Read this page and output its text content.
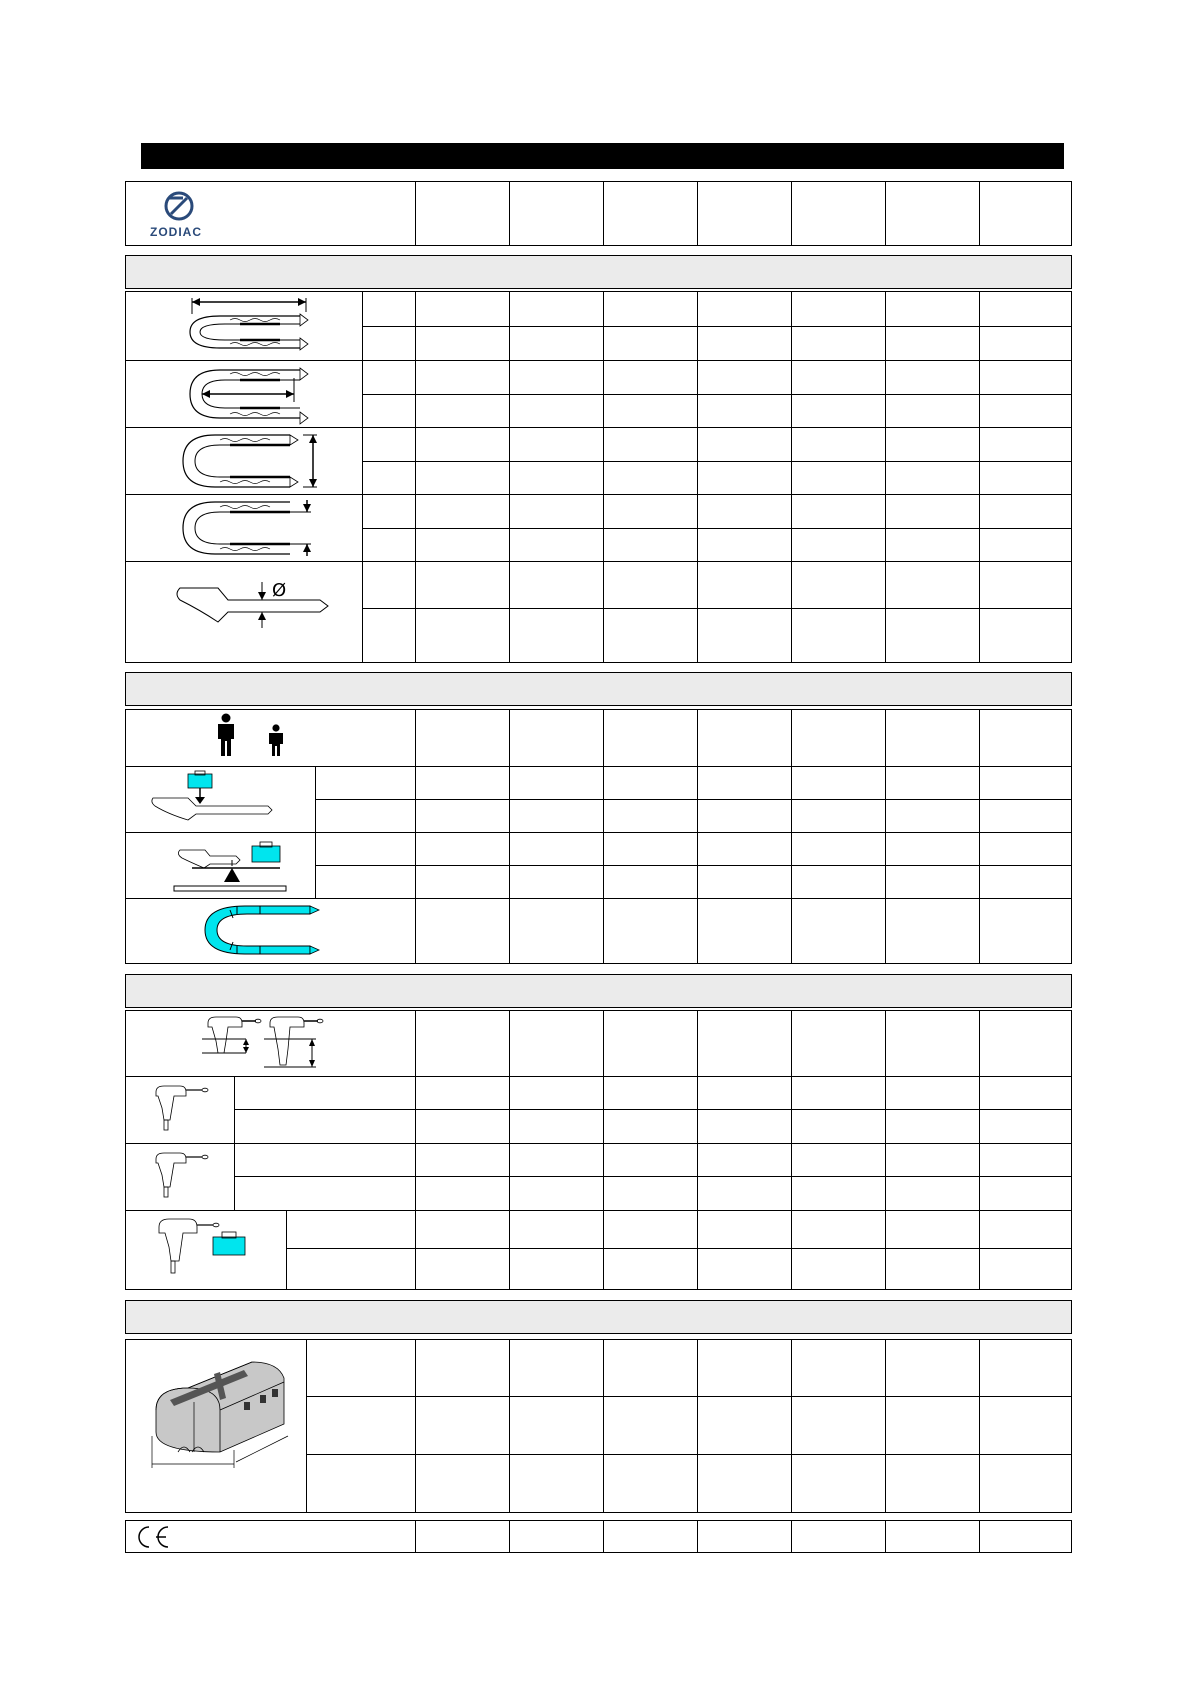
ZODIAC
Ø
